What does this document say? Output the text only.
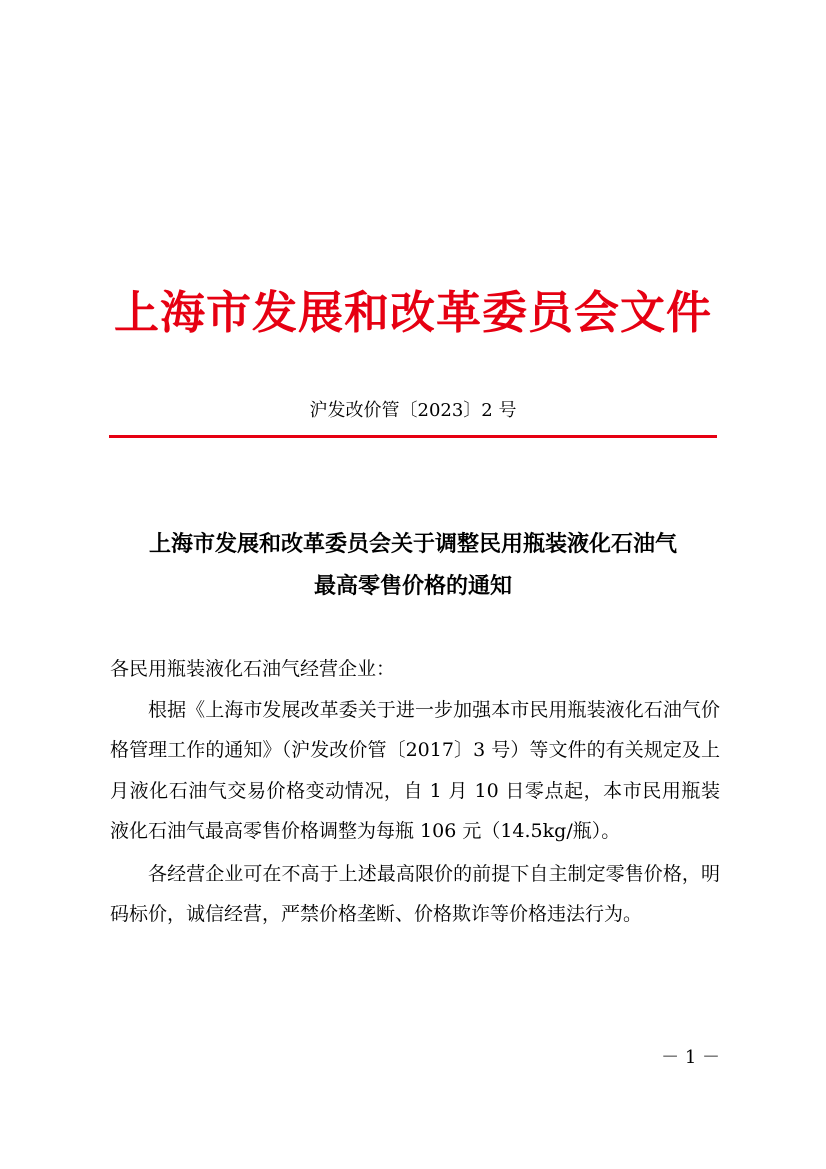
上海市发展和改革委员会文件
沪发改价管〔2023〕2 号
上海市发展和改革委员会关于调整民用瓶装液化石油气
最高零售价格的通知

各民用瓶装液化石油气经营企业：

根据《上海市发展改革委关于进一步加强本市民用瓶装液化石油气价格管理工作的通知》（沪发改价管〔2017〕3 号）等文件的有关规定及上月液化石油气交易价格变动情况，自 1 月 10 日零点起，本市民用瓶装液化石油气最高零售价格调整为每瓶 106 元（14.5kg/瓶）。

各经营企业可在不高于上述最高限价的前提下自主制定零售价格，明码标价，诚信经营，严禁价格垄断、价格欺诈等价格违法行为。

－ 1 －
